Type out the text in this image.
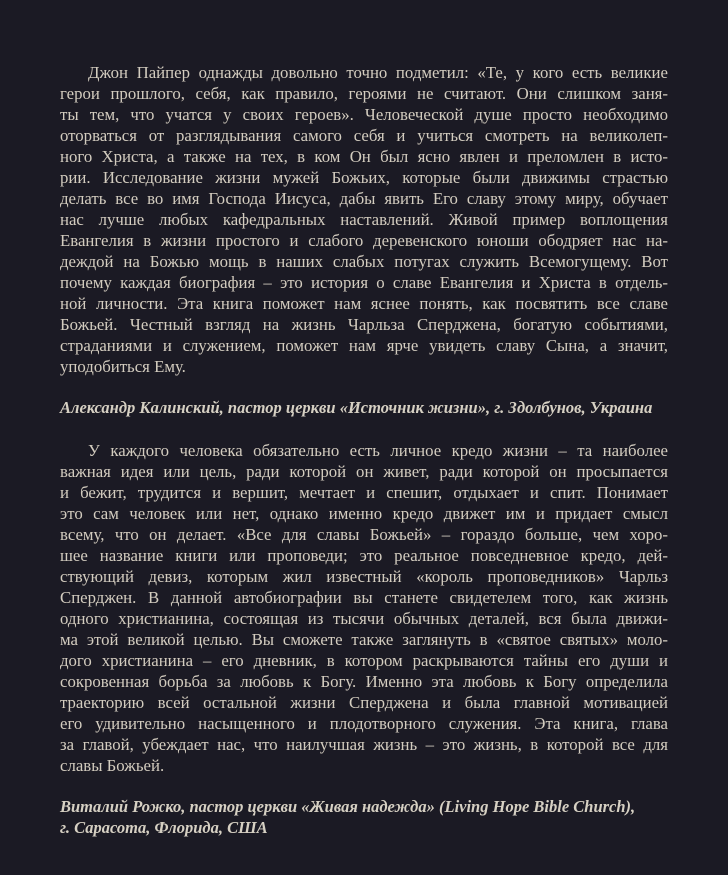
Джон Пайпер однажды довольно точно подметил: «Те, у кого есть великие
герои прошлого, себя, как правило, героями не считают. Они слишком заня-
ты тем, что учатся у своих героев». Человеческой душе просто необходимо
оторваться от разглядывания самого себя и учиться смотреть на великолеп-
ного Христа, а также на тех, в ком Он был ясно явлен и преломлен в исто-
рии. Исследование жизни мужей Божьих, которые были движимы страстью
делать все во имя Господа Иисуса, дабы явить Его славу этому миру, обучает
нас лучше любых кафедральных наставлений. Живой пример воплощения
Евангелия в жизни простого и слабого деревенского юноши ободряет нас на-
деждой на Божью мощь в наших слабых потугах служить Всемогущему. Вот
почему каждая биография – это история о славе Евангелия и Христа в отдель-
ной личности. Эта книга поможет нам яснее понять, как посвятить все славе
Божьей. Честный взгляд на жизнь Чарльза Сперджена, богатую событиями,
страданиями и служением, поможет нам ярче увидеть славу Сына, а значит,
уподобиться Ему.
Александр Калинский, пастор церкви «Источник жизни», г. Здолбунов, Украина
У каждого человека обязательно есть личное кредо жизни – та наиболее
важная идея или цель, ради которой он живет, ради которой он просыпается
и бежит, трудится и вершит, мечтает и спешит, отдыхает и спит. Понимает
это сам человек или нет, однако именно кредо движет им и придает смысл
всему, что он делает. «Все для славы Божьей» – гораздо больше, чем хоро-
шее название книги или проповеди; это реальное повседневное кредо, дей-
ствующий девиз, которым жил известный «король проповедников» Чарльз
Сперджен. В данной автобиографии вы станете свидетелем того, как жизнь
одного христианина, состоящая из тысячи обычных деталей, вся была движи-
ма этой великой целью. Вы сможете также заглянуть в «святое святых» моло-
дого христианина – его дневник, в котором раскрываются тайны его души и
сокровенная борьба за любовь к Богу. Именно эта любовь к Богу определила
траекторию всей остальной жизни Сперджена и была главной мотивацией
его удивительно насыщенного и плодотворного служения. Эта книга, глава
за главой, убеждает нас, что наилучшая жизнь – это жизнь, в которой все для
славы Божьей.
Виталий Рожко, пастор церкви «Живая надежда» (Living Hope Bible Church),
г. Сарасота, Флорида, США
